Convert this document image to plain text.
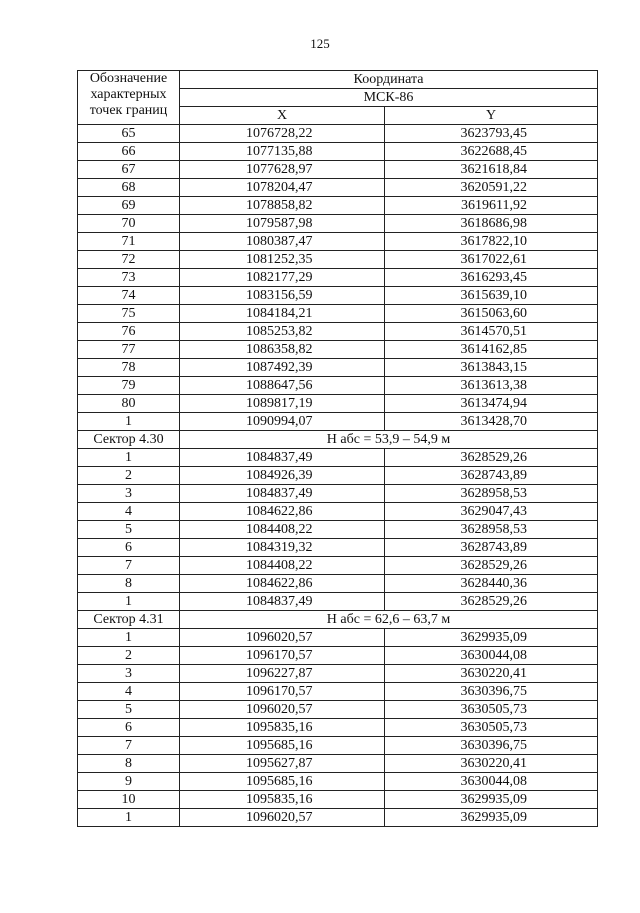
125
Обозначение
характерных
точек границ	Координата	
	МСК-86	
	X	Y
65	1076728,22	3623793,45
66	1077135,88	3622688,45
67	1077628,97	3621618,84
68	1078204,47	3620591,22
69	1078858,82	3619611,92
70	1079587,98	3618686,98
71	1080387,47	3617822,10
72	1081252,35	3617022,61
73	1082177,29	3616293,45
74	1083156,59	3615639,10
75	1084184,21	3615063,60
76	1085253,82	3614570,51
77	1086358,82	3614162,85
78	1087492,39	3613843,15
79	1088647,56	3613613,38
80	1089817,19	3613474,94
1	1090994,07	3613428,70
Сектор 4.30	Н абс = 53,9 – 54,9 м	
1	1084837,49	3628529,26
2	1084926,39	3628743,89
3	1084837,49	3628958,53
4	1084622,86	3629047,43
5	1084408,22	3628958,53
6	1084319,32	3628743,89
7	1084408,22	3628529,26
8	1084622,86	3628440,36
1	1084837,49	3628529,26
Сектор 4.31	Н абс = 62,6 – 63,7 м	
1	1096020,57	3629935,09
2	1096170,57	3630044,08
3	1096227,87	3630220,41
4	1096170,57	3630396,75
5	1096020,57	3630505,73
6	1095835,16	3630505,73
7	1095685,16	3630396,75
8	1095627,87	3630220,41
9	1095685,16	3630044,08
10	1095835,16	3629935,09
1	1096020,57	3629935,09
